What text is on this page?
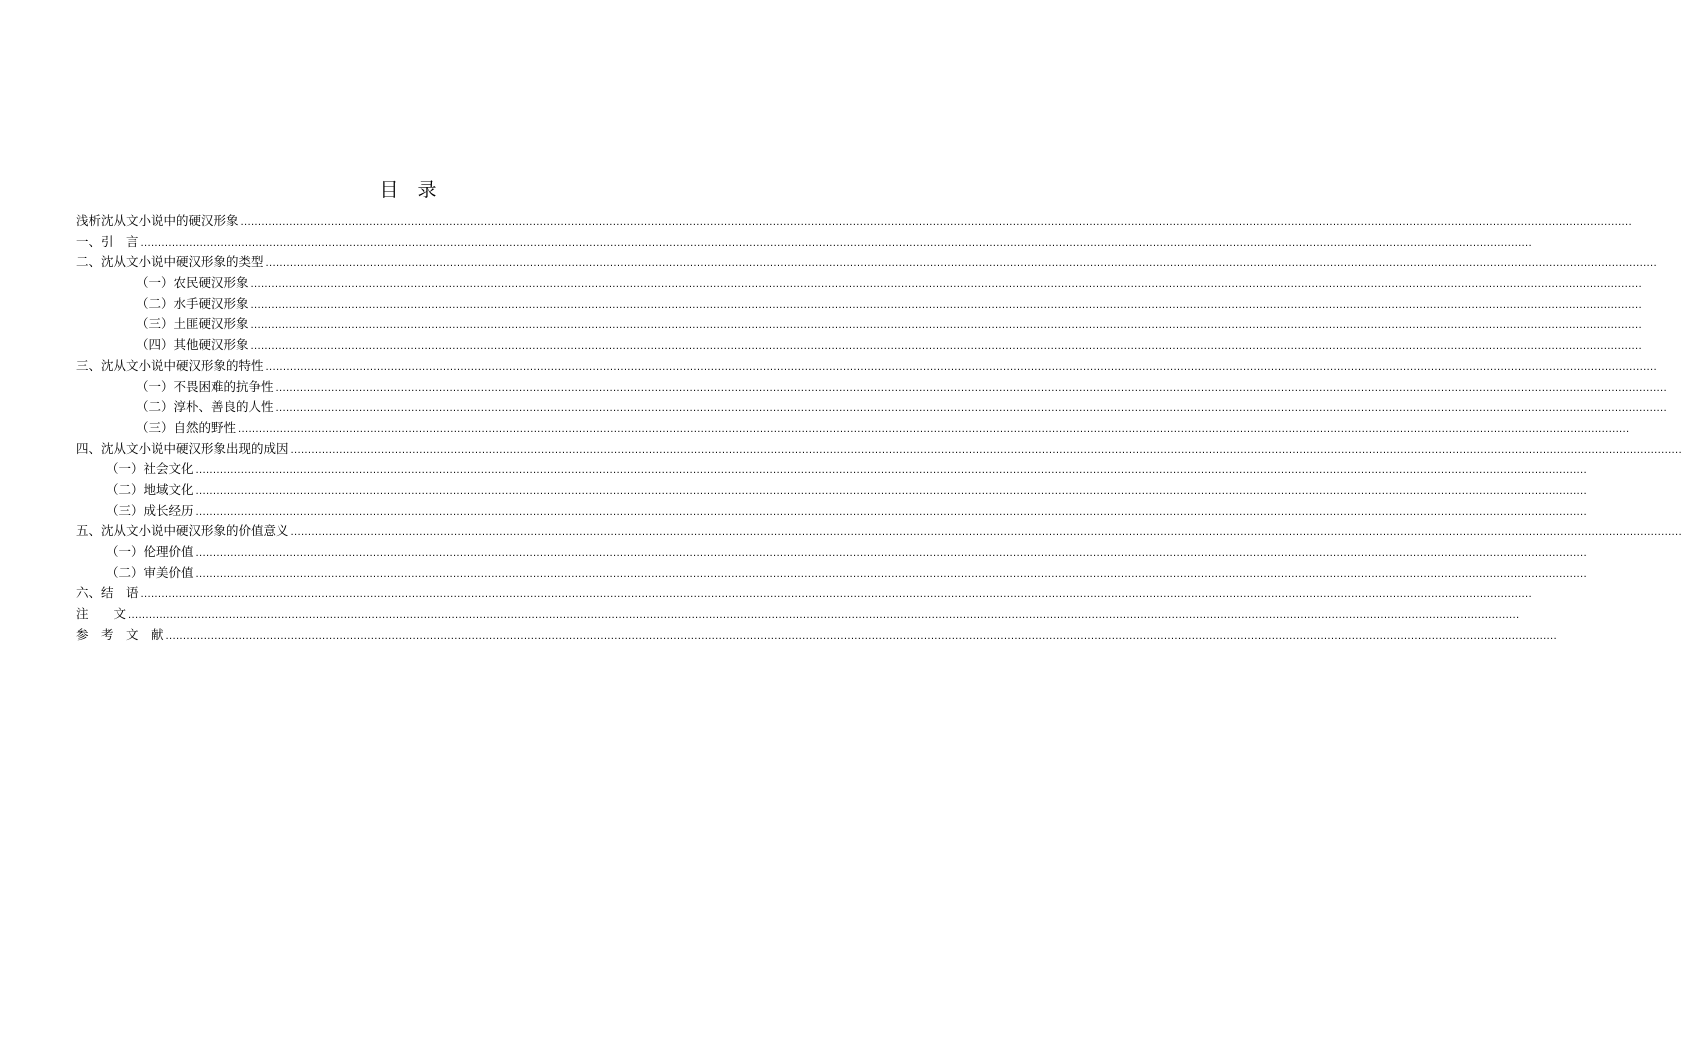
目　录
浅析沈从文小说中的硬汉形象 ................................................................................................................................................................................................................................................................................................................................................................................................................
一、引　言 ................................................................................................................................................................................................................................................................................................................................................................................................................
二、沈从文小说中硬汉形象的类型 ................................................................................................................................................................................................................................................................................................................................................................................................................
（一）农民硬汉形象 ................................................................................................................................................................................................................................................................................................................................................................................................................
（二）水手硬汉形象 ................................................................................................................................................................................................................................................................................................................................................................................................................
（三）土匪硬汉形象 ................................................................................................................................................................................................................................................................................................................................................................................................................
（四）其他硬汉形象 ................................................................................................................................................................................................................................................................................................................................................................................................................
三、沈从文小说中硬汉形象的特性 ................................................................................................................................................................................................................................................................................................................................................................................................................
（一）不畏困难的抗争性 ................................................................................................................................................................................................................................................................................................................................................................................................................
（二）淳朴、善良的人性 ................................................................................................................................................................................................................................................................................................................................................................................................................
（三）自然的野性 ................................................................................................................................................................................................................................................................................................................................................................................................................
四、沈从文小说中硬汉形象出现的成因 ................................................................................................................................................................................................................................................................................................................................................................................................................
（一）社会文化 ................................................................................................................................................................................................................................................................................................................................................................................................................
（二）地域文化 ................................................................................................................................................................................................................................................................................................................................................................................................................
（三）成长经历 ................................................................................................................................................................................................................................................................................................................................................................................................................
五、沈从文小说中硬汉形象的价值意义 ................................................................................................................................................................................................................................................................................................................................................................................................................
（一）伦理价值 ................................................................................................................................................................................................................................................................................................................................................................................................................
（二）审美价值 ................................................................................................................................................................................................................................................................................................................................................................................................................
六、结　语 ................................................................................................................................................................................................................................................................................................................................................................................................................
注　　文 ................................................................................................................................................................................................................................................................................................................................................................................................................
参　考　文　献 ................................................................................................................................................................................................................................................................................................................................................................................................................
